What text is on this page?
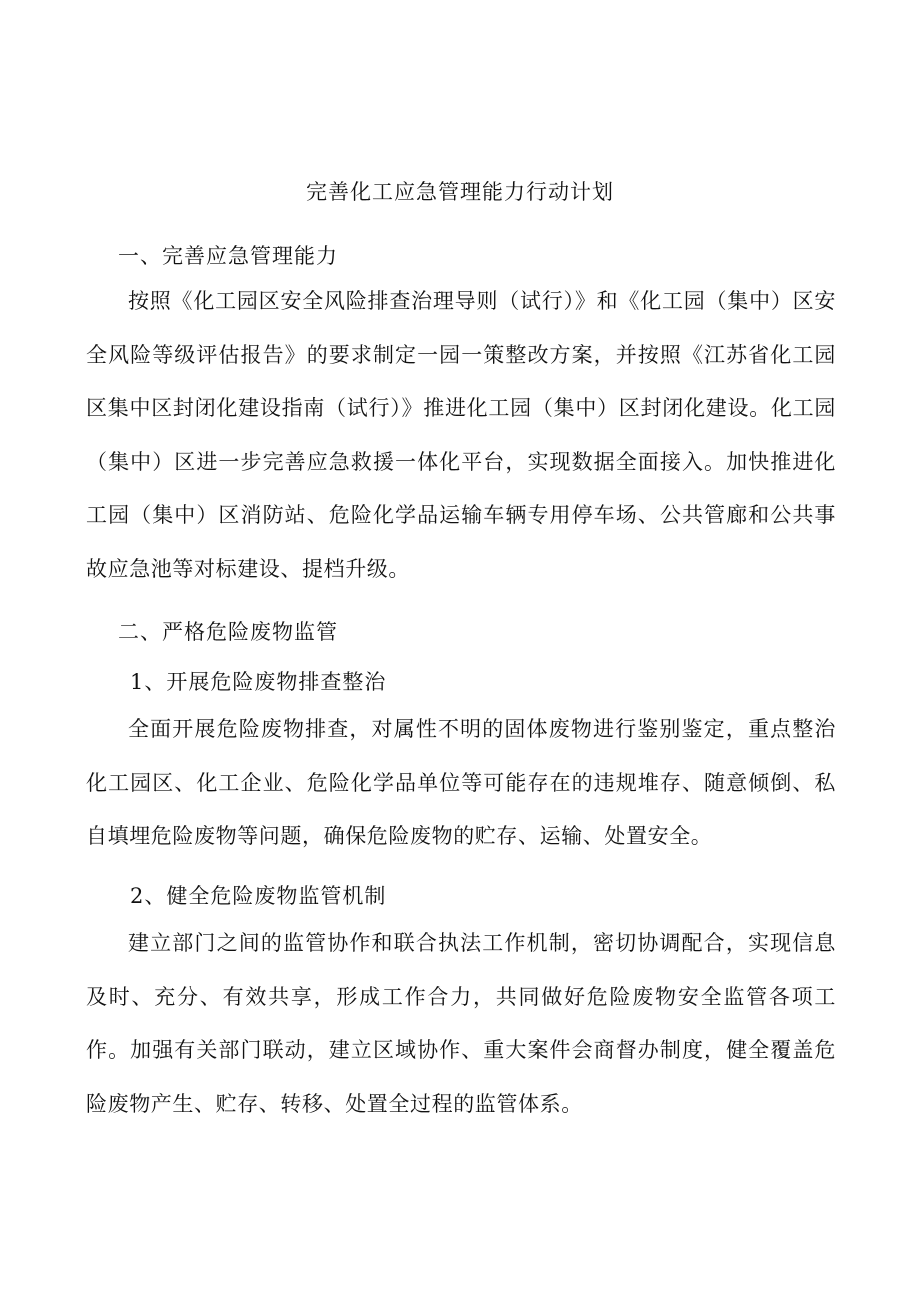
完善化工应急管理能力行动计划
一、完善应急管理能力

按照《化工园区安全风险排查治理导则（试行）》和《化工园（集中）区安全风险等级评估报告》的要求制定一园一策整改方案，并按照《江苏省化工园区集中区封闭化建设指南（试行）》推进化工园（集中）区封闭化建设。化工园（集中）区进一步完善应急救援一体化平台，实现数据全面接入。加快推进化工园（集中）区消防站、危险化学品运输车辆专用停车场、公共管廊和公共事故应急池等对标建设、提档升级。

二、严格危险废物监管
1、开展危险废物排查整治

全面开展危险废物排查，对属性不明的固体废物进行鉴别鉴定，重点整治化工园区、化工企业、危险化学品单位等可能存在的违规堆存、随意倾倒、私自填埋危险废物等问题，确保危险废物的贮存、运输、处置安全。

2、健全危险废物监管机制

建立部门之间的监管协作和联合执法工作机制，密切协调配合，实现信息及时、充分、有效共享，形成工作合力，共同做好危险废物安全监管各项工作。加强有关部门联动，建立区域协作、重大案件会商督办制度，健全覆盖危险废物产生、贮存、转移、处置全过程的监管体系。
